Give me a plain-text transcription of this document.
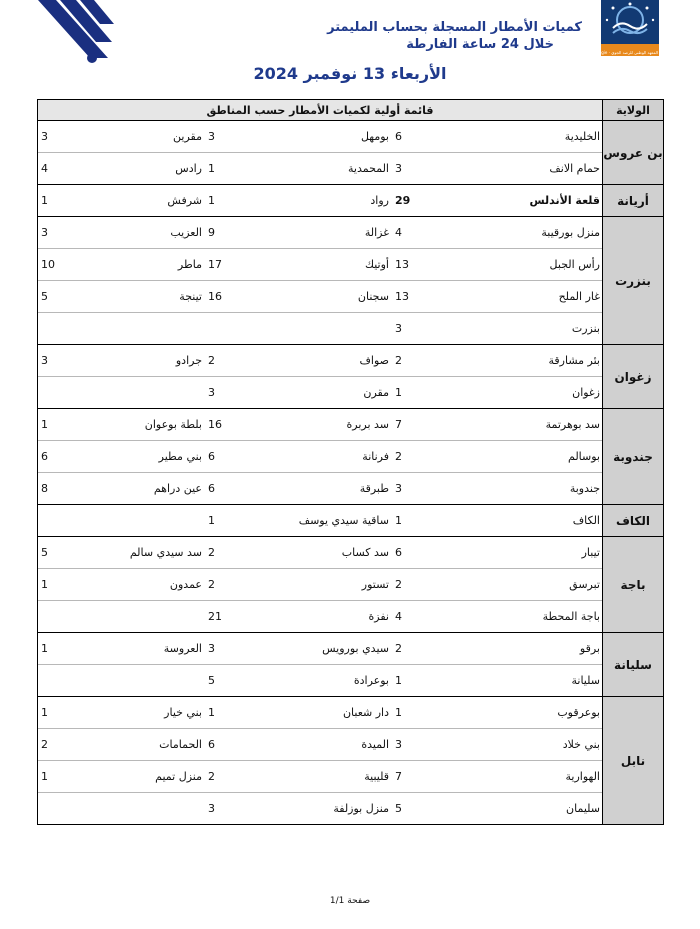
المعهد الوطني للرصد الجوي · Institut National de la Météorologie
كميات الأمطار المسجلة بحساب المليمتر
خلال 24 ساعة الفارطة
الأربعاء 13 نوفمبر 2024
قائمة أولية لكميات الأمطار حسب المناطق	الولاية

3	مقرين	3	بومهل	6	الخليدية
4	رادس	1	المحمدية	3	حمام الانف
	بن عروس

1	شرفش	1	رواد	29	قلعة الأندلس
	أريانة

3	العزيب	9	غزالة	4	منزل بورقيبة
10	ماطر	17	أوتيك	13	رأس الجبل
5	تينجة	16	سجنان	13	غار الملح
				3	بنزرت
	بنزرت

3	جرادو	2	صواف	2	بئر مشارقة
		3	مقرن	1	زغوان
	زغوان

1	بلطة بوعوان	16	سد بربرة	7	سد بوهرتمة
6	بني مطير	6	فرنانة	2	بوسالم
8	عين دراهم	6	طبرقة	3	جندوبة
	جندوبة

		1	ساقية سيدي يوسف	1	الكاف
	الكاف

5	سد سيدي سالم	2	سد كساب	6	تيبار
1	عمدون	2	تستور	2	تبرسق
		21	نفزة	4	باجة المحطة
	باجة

1	العروسة	3	سيدي بورويس	2	برقو
		5	بوعرادة	1	سليانة
	سليانة

1	بني خيار	1	دار شعبان	1	بوعرقوب
2	الحمامات	6	الميدة	3	بني خلاد
1	منزل تميم	2	قليبية	7	الهوارية
		3	منزل بوزلفة	5	سليمان
	نابل
صفحة 1/1
